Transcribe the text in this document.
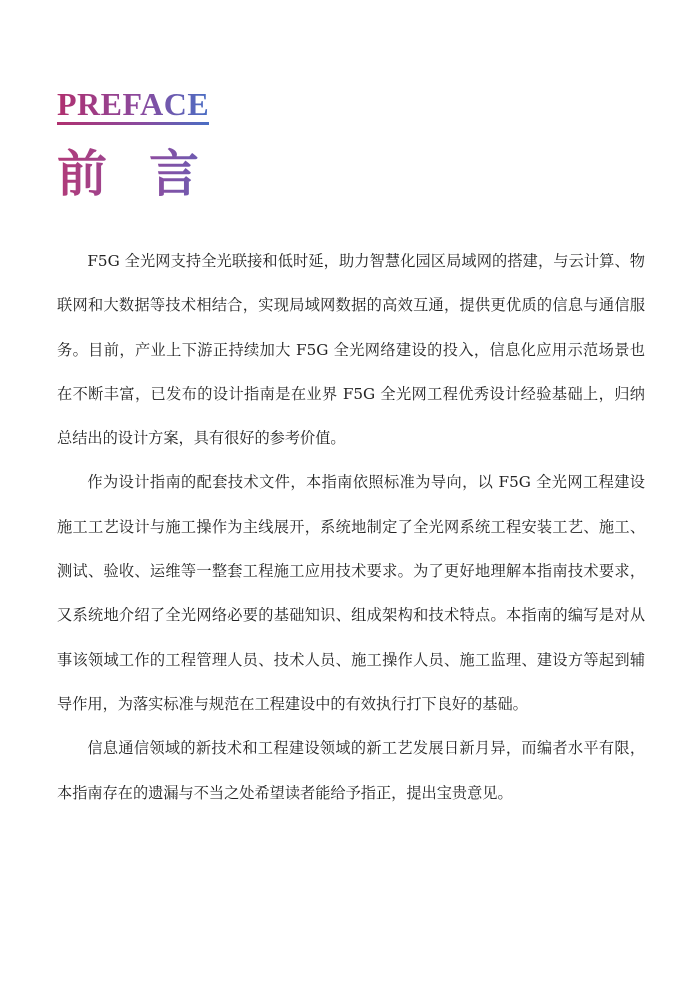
PREFACE
前言

F5G 全光网支持全光联接和低时延，助力智慧化园区局域网的搭建，与云计算、物联网和大数据等技术相结合，实现局域网数据的高效互通，提供更优质的信息与通信服务。目前，产业上下游正持续加大 F5G 全光网络建设的投入，信息化应用示范场景也在不断丰富，已发布的设计指南是在业界 F5G 全光网工程优秀设计经验基础上，归纳总结出的设计方案，具有很好的参考价值。

作为设计指南的配套技术文件，本指南依照标准为导向，以 F5G 全光网工程建设施工工艺设计与施工操作为主线展开，系统地制定了全光网系统工程安装工艺、施工、测试、验收、运维等一整套工程施工应用技术要求。为了更好地理解本指南技术要求，又系统地介绍了全光网络必要的基础知识、组成架构和技术特点。本指南的编写是对从事该领域工作的工程管理人员、技术人员、施工操作人员、施工监理、建设方等起到辅导作用，为落实标准与规范在工程建设中的有效执行打下良好的基础。

信息通信领域的新技术和工程建设领域的新工艺发展日新月异，而编者水平有限，本指南存在的遗漏与不当之处希望读者能给予指正，提出宝贵意见。
